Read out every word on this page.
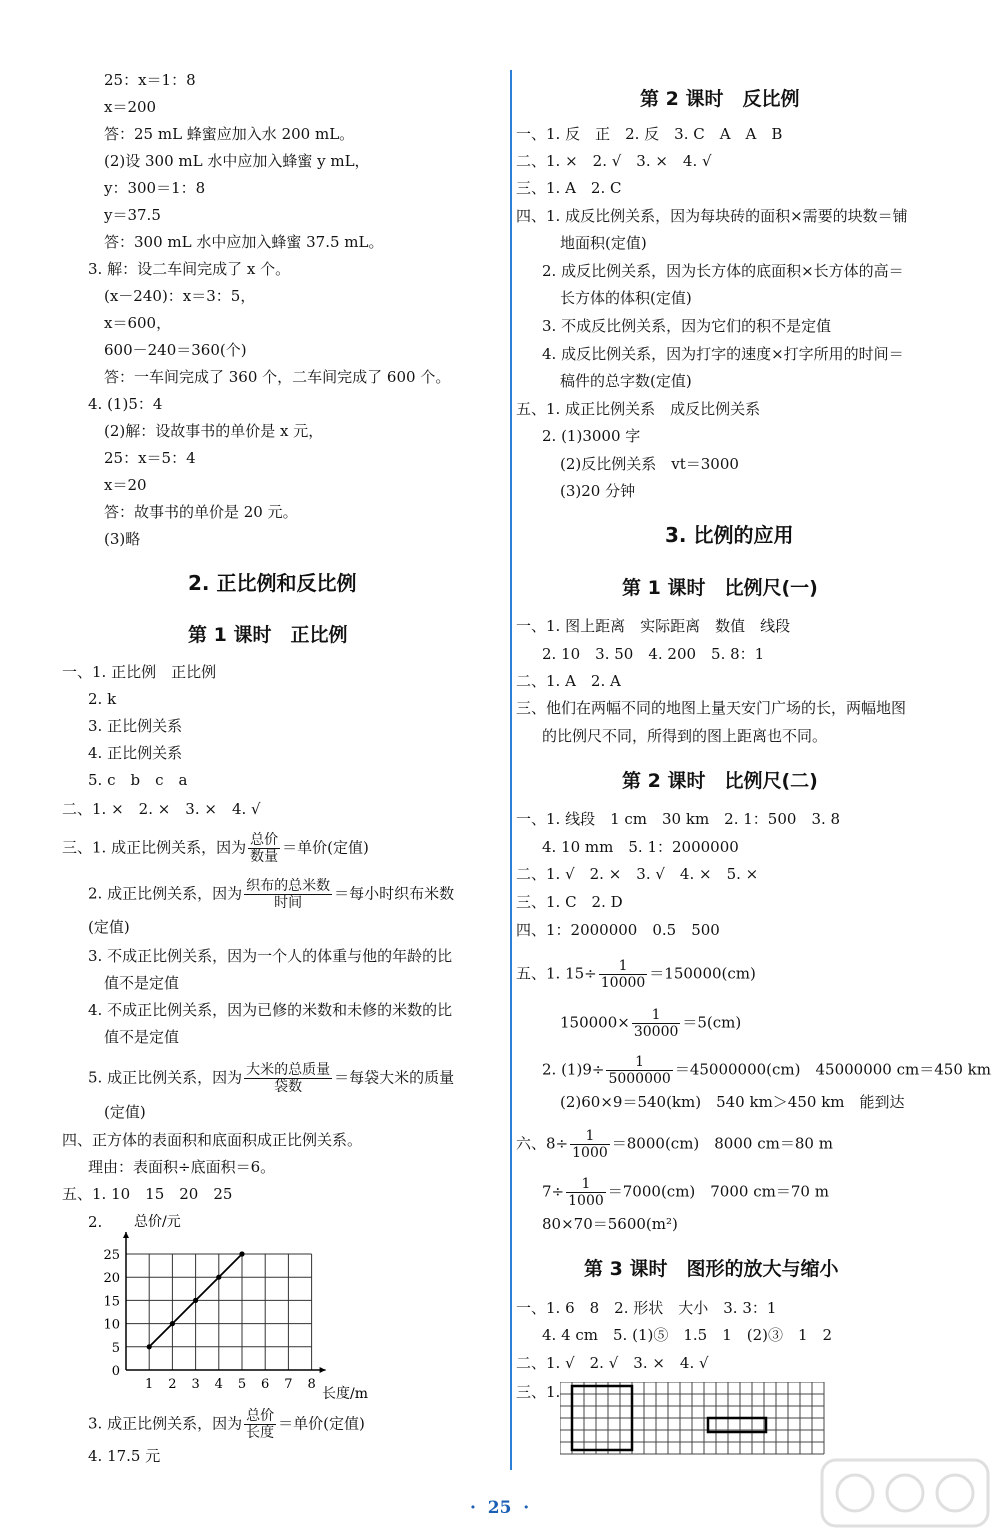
25：x＝1：8
x＝200
答：25 mL 蜂蜜应加入水 200 mL。
(2)设 300 mL 水中应加入蜂蜜 y mL，
y：300＝1：8
y＝37.5
答：300 mL 水中应加入蜂蜜 37.5 mL。
3. 解：设二车间完成了 x 个。
(x－240)：x＝3：5，
x＝600，
600－240＝360(个)
答：一车间完成了 360 个，二车间完成了 600 个。
4. (1)5：4
(2)解：设故事书的单价是 x 元，
25：x＝5：4
x＝20
答：故事书的单价是 20 元。
(3)略
2. 正比例和反比例
第 1 课时　正比例
一、1. 正比例　正比例
2. k
3. 正比例关系
4. 正比例关系
5. c　b　c　a
二、1. ×　2. ×　3. ×　4. √
三、1. 成正比例关系，因为 $\frac{\text{总价}}{\text{数量}}$ ＝单价(定值)
2. 成正比例关系，因为 $\frac{\text{织布的总米数}}{\text{时间}}$ ＝每小时织布米数
(定值)
3. 不成正比例关系，因为一个人的体重与他的年龄的比
值不是定值
4. 不成正比例关系，因为已修的米数和未修的米数的比
值不是定值
5. 成正比例关系，因为 $\frac{\text{大米的总质量}}{\text{袋数}}$ ＝每袋大米的质量
(定值)
四、正方体的表面积和底面积成正比例关系。
理由：表面积÷底面积＝6。
五、1. 10　15　20　25
2.
1 2 3 4 5 6 7 8
0
5
10
15
20
25
总价/元
长度/m
3. 成正比例关系，因为 $\frac{\text{总价}}{\text{长度}}$ ＝单价(定值)
4. 17.5 元
第 2 课时　反比例
一、1. 反　正　2. 反　3. C　A　A　B
二、1. ×　2. √　3. ×　4. √
三、1. A　2. C
四、1. 成反比例关系，因为每块砖的面积×需要的块数＝铺
地面积(定值)
2. 成反比例关系，因为长方体的底面积×长方体的高＝
长方体的体积(定值)
3. 不成反比例关系，因为它们的积不是定值
4. 成反比例关系，因为打字的速度×打字所用的时间＝
稿件的总字数(定值)
五、1. 成正比例关系　成反比例关系
2. (1)3000 字
(2)反比例关系　vt＝3000
(3)20 分钟
3. 比例的应用
第 1 课时　比例尺(一)
一、1. 图上距离　实际距离　数值　线段
2. 10　3. 50　4. 200　5. 8：1
二、1. A　2. A
三、他们在两幅不同的地图上量天安门广场的长，两幅地图
的比例尺不同，所得到的图上距离也不同。
第 2 课时　比例尺(二)
一、1. 线段　1 cm　30 km　2. 1：500　3. 8
4. 10 mm　5. 1：2000000
二、1. √　2. ×　3. √　4. ×　5. ×
三、1. C　2. D
四、1：2000000　0.5　500
五、1. $15\div \frac{1}{10000} =150000(cm)$
$150000\times \frac{1}{30000} =5(cm)$
2. $(1)9\div \frac{1}{5000000} =45000000(cm)$　45000000 cm＝450 km
(2)60×9＝540(km)　540 km＞450 km　能到达
六、$8\div \frac{1}{1000} =8000(cm)$　8000 cm＝80 m
$7\div \frac{1}{1000} =7000(cm)$　7000 cm＝70 m
80×70＝5600(m²)
第 3 课时　图形的放大与缩小
一、1. 6　8　2. 形状　大小　3. 3：1
4. 4 cm　5. (1)⑤　1.5　1　(2)③　1　2
二、1. √　2. √　3. ×　4. √
三、1.
· 25 ·
